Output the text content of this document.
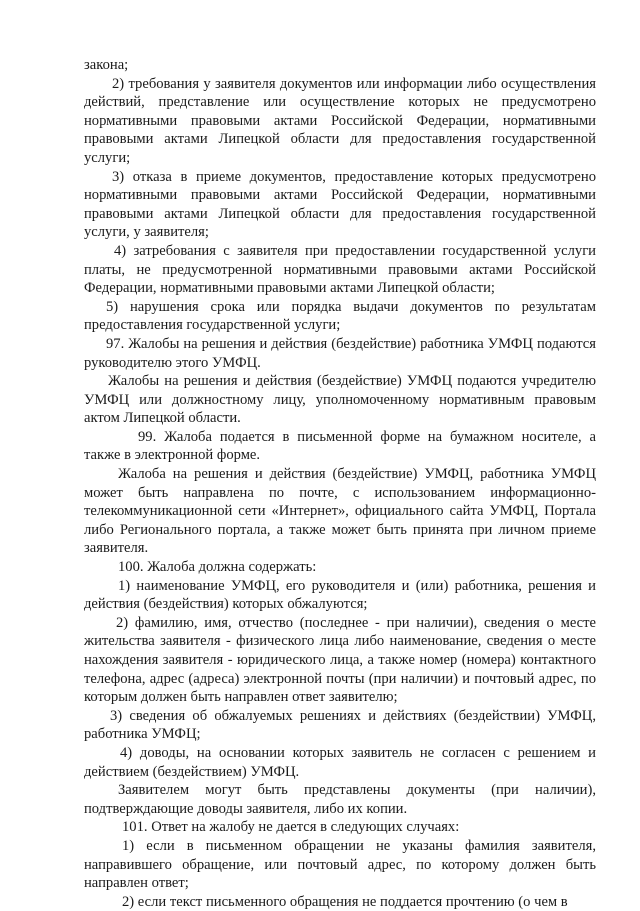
закона;

2) требования у заявителя документов или информации либо осуществления действий, представление или осуществление которых не предусмотрено нормативными правовыми актами Российской Федерации, нормативными правовыми актами Липецкой области для предоставления государственной услуги;

3) отказа в приеме документов, предоставление которых предусмотрено нормативными правовыми актами Российской Федерации, нормативными правовыми актами Липецкой области для предоставления государственной услуги, у заявителя;

4) затребования с заявителя при предоставлении государственной услуги платы, не предусмотренной нормативными правовыми актами Российской Федерации, нормативными правовыми актами Липецкой области;

5) нарушения срока или порядка выдачи документов по результатам предоставления государственной услуги;

97. Жалобы на решения и действия (бездействие) работника УМФЦ подаются руководителю этого УМФЦ.

Жалобы на решения и действия (бездействие) УМФЦ подаются учредителю УМФЦ или должностному лицу, уполномоченному нормативным правовым актом Липецкой области.

99. Жалоба подается в письменной форме на бумажном носителе, а также в электронной форме.

Жалоба на решения и действия (бездействие) УМФЦ, работника УМФЦ может быть направлена по почте, с использованием информационно-телекоммуникационной сети «Интернет», официального сайта УМФЦ, Портала либо Регионального портала, а также может быть принята при личном приеме заявителя.

100. Жалоба должна содержать:

1) наименование УМФЦ, его руководителя и (или) работника, решения и действия (бездействия) которых обжалуются;

2) фамилию, имя, отчество (последнее - при наличии), сведения о месте жительства заявителя - физического лица либо наименование, сведения о месте нахождения заявителя - юридического лица, а также номер (номера) контактного телефона, адрес (адреса) электронной почты (при наличии) и почтовый адрес, по которым должен быть направлен ответ заявителю;

3) сведения об обжалуемых решениях и действиях (бездействии) УМФЦ, работника УМФЦ;

4) доводы, на основании которых заявитель не согласен с решением и действием (бездействием) УМФЦ.

Заявителем могут быть представлены документы (при наличии), подтверждающие доводы заявителя, либо их копии.

101. Ответ на жалобу не дается в следующих случаях:

1) если в письменном обращении не указаны фамилия заявителя, направившего обращение, или почтовый адрес, по которому должен быть направлен ответ;

2) если текст письменного обращения не поддается прочтению (о чем в
